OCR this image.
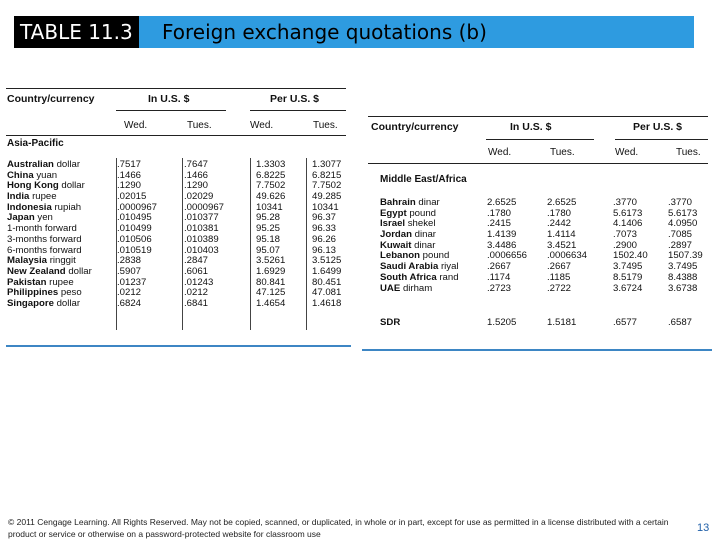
TABLE 11.3	Foreign exchange quotations (b)
Country/currency	In U.S. $	Per U.S. $
Wed.	Tues.	Wed.	Tues.
Asia-Pacific
Australian dollar	.7517	.7647	1.3303	1.3077
China yuan	.1466	.1466	6.8225	6.8215
Hong Kong dollar	.1290	.1290	7.7502	7.7502
India rupee	.02015	.02029	49.626	49.285
Indonesia rupiah	.0000967	.0000967	10341	10341
Japan yen	.010495	.010377	95.28	96.37
1-month forward	.010499	.010381	95.25	96.33
3-months forward	.010506	.010389	95.18	96.26
6-months forward	.010519	.010403	95.07	96.13
Malaysia ringgit	.2838	.2847	3.5261	3.5125
New Zealand dollar	.5907	.6061	1.6929	1.6499
Pakistan rupee	.01237	.01243	80.841	80.451
Philippines peso	.0212	.0212	47.125	47.081
Singapore dollar	.6824	.6841	1.4654	1.4618
Country/currency	In U.S. $	Per U.S. $
Wed.	Tues.	Wed.	Tues.
Middle East/Africa
Bahrain dinar	2.6525	2.6525	.3770	.3770
Egypt pound	.1780	.1780	5.6173	5.6173
Israel shekel	.2415	.2442	4.1406	4.0950
Jordan dinar	1.4139	1.4114	.7073	.7085
Kuwait dinar	3.4486	3.4521	.2900	.2897
Lebanon pound	.0006656 .0006634	1502.40 1507.39
Saudi Arabia riyal	.2667	.2667	3.7495	3.7495
South Africa rand	.1174	.1185	8.5179	8.4388
UAE dirham	.2723	.2722	3.6724	3.6738
SDR	1.5205	1.5181	.6577	.6587
© 2011 Cengage Learning. All Rights Reserved. May not be copied, scanned, or duplicated, in whole or in part, except for use as permitted in a license distributed with a certain product or service or otherwise on a password-protected website for classroom use	13
